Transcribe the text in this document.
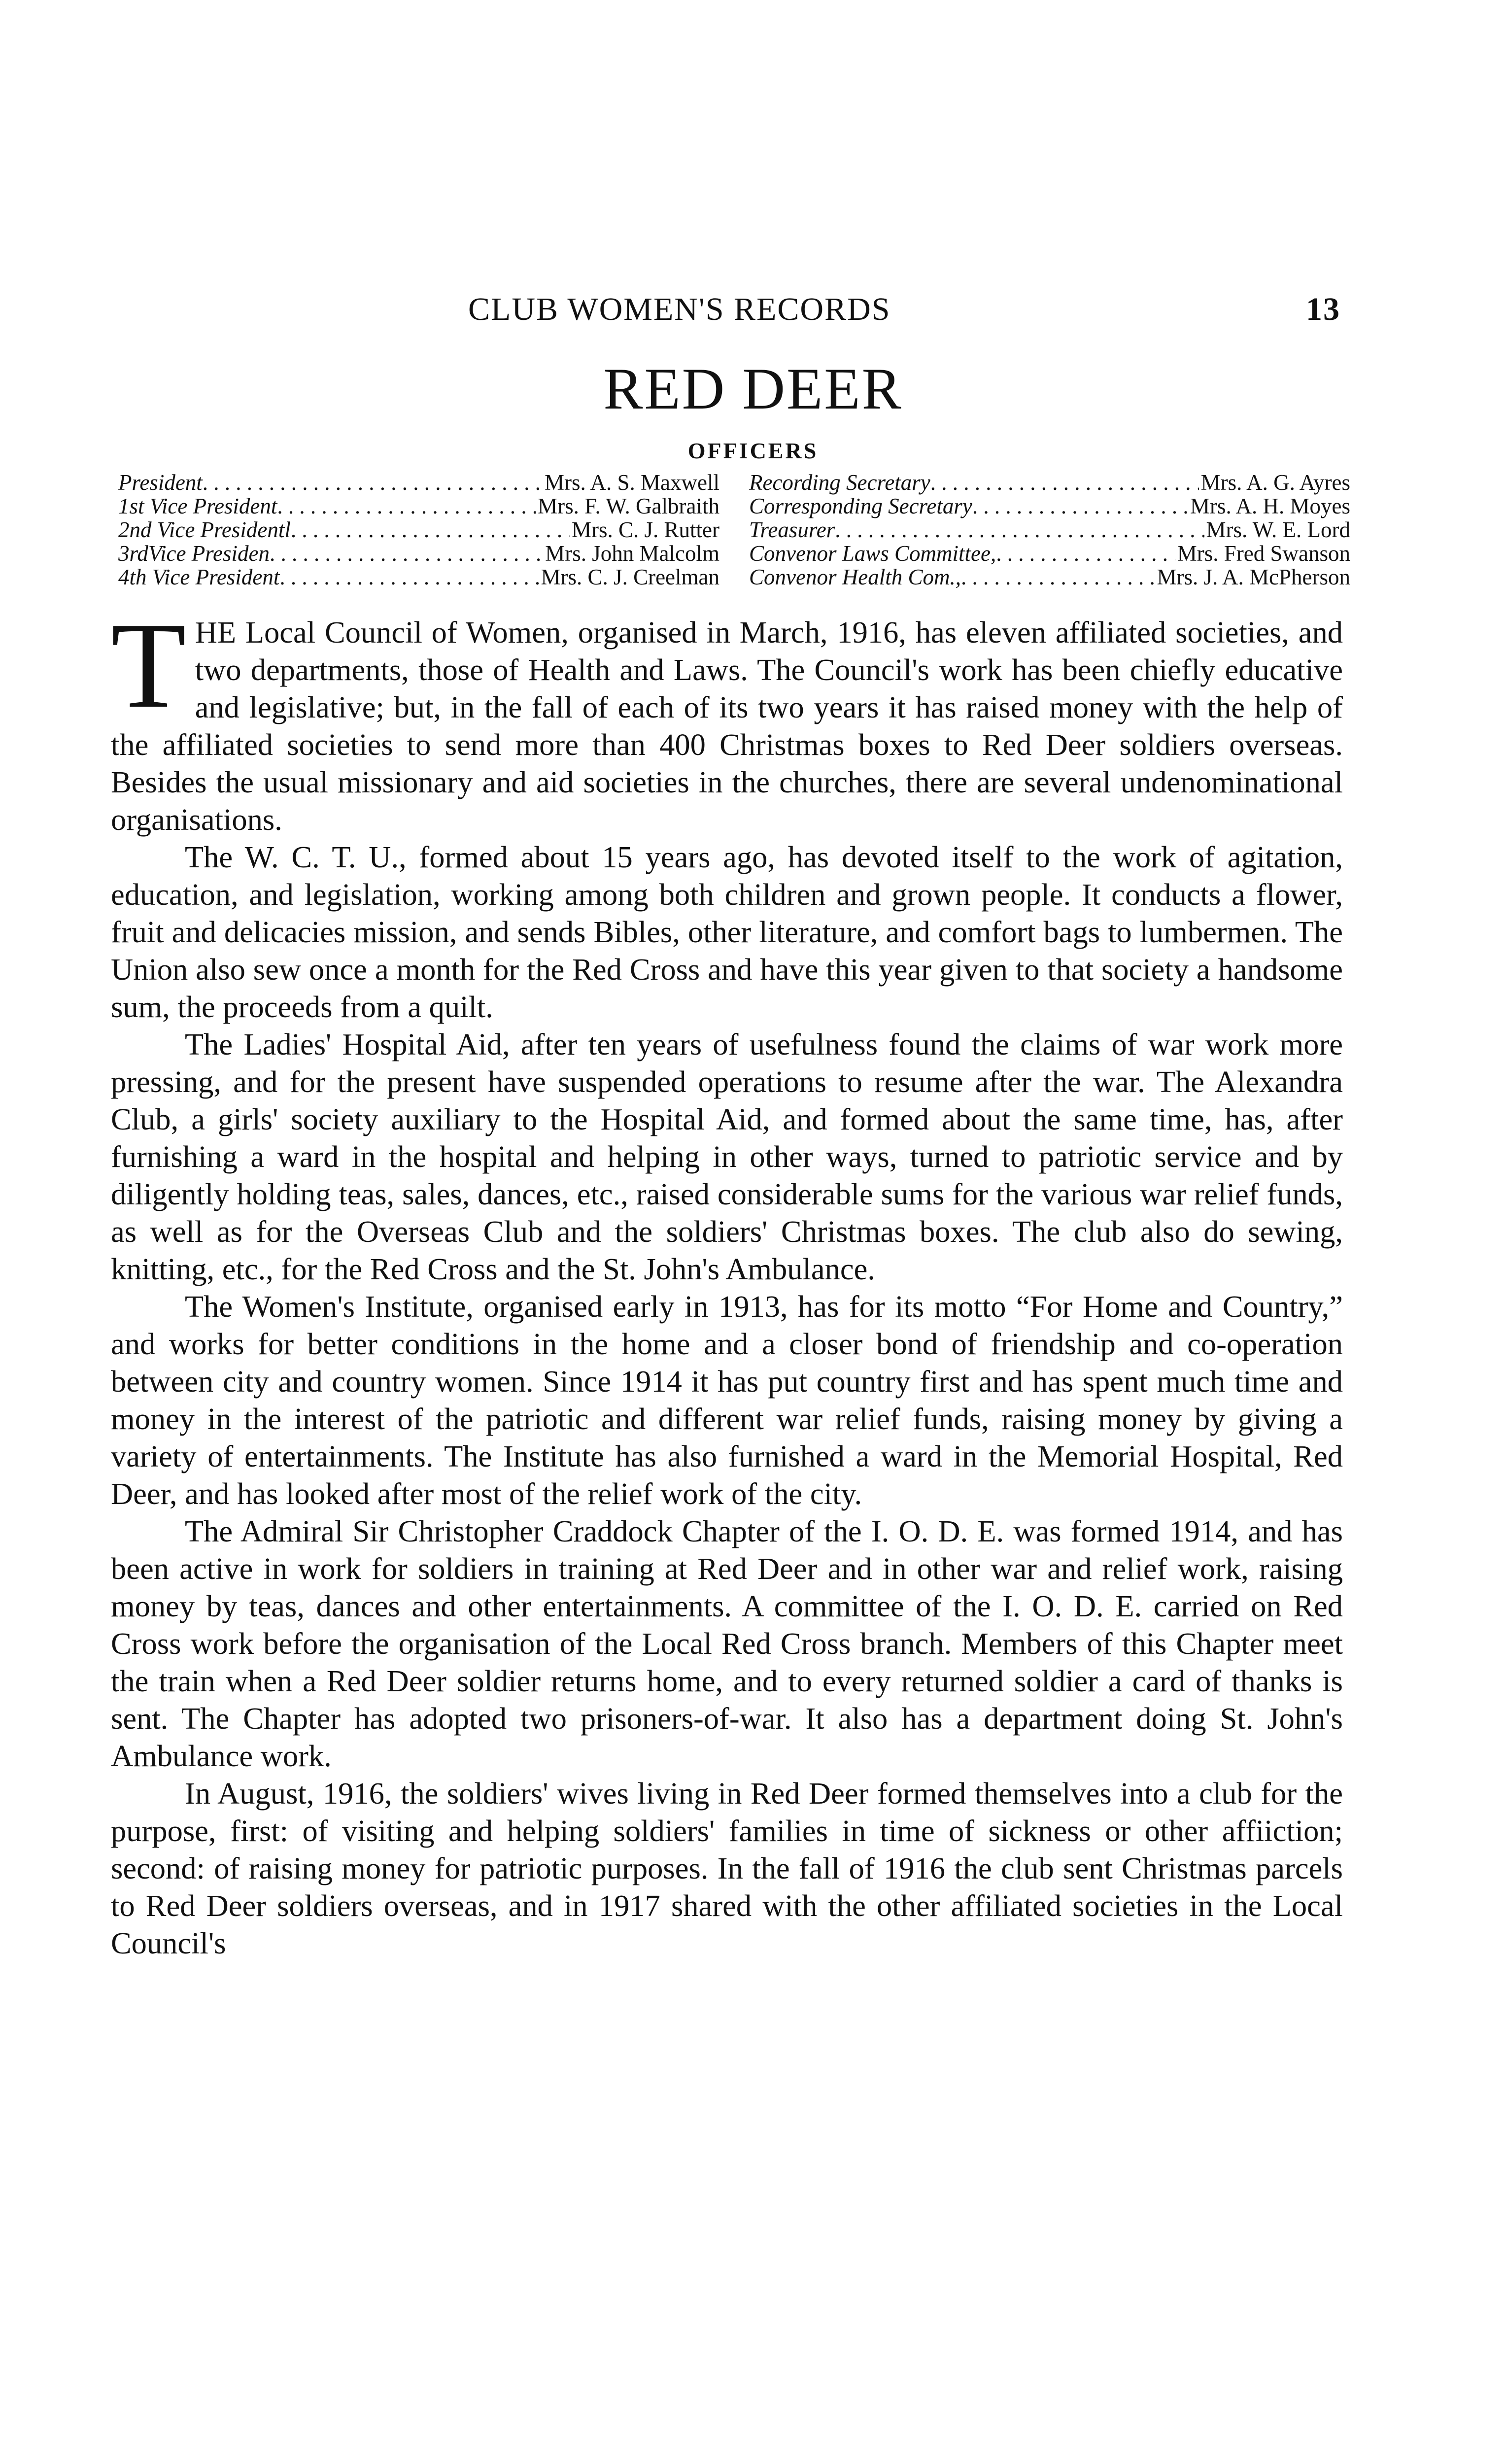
CLUB WOMEN'S RECORDS	13
RED DEER
OFFICERS
President . . .	Mrs. A. S. Maxwell
1st Vice President . . .	Mrs. F. W. Galbraith
2nd Vice Presidentl . . .	Mrs. C. J. Rutter
3rdVice Presiden . . .	Mrs. John Malcolm
4th Vice President . . .	Mrs. C. J. Creelman
Recording Secretary . . .	Mrs. A. G. Ayres
Corresponding Secretary . . .	Mrs. A. H. Moyes
Treasurer . . .	Mrs. W. E. Lord
Convenor Laws Committee, . . .	Mrs. Fred Swanson
Convenor Health Com., . . .	Mrs. J. A. McPherson

THE Local Council of Women, organised in March, 1916, has eleven affiliated societies, and two departments, those of Health and Laws. The Council's work has been chiefly educative and legislative; but, in the fall of each of its two years it has raised money with the help of the affiliated societies to send more than 400 Christmas boxes to Red Deer soldiers overseas. Besides the usual missionary and aid societies in the churches, there are several undenominational organisations.

The W. C. T. U., formed about 15 years ago, has devoted itself to the work of agitation, education, and legislation, working among both children and grown people. It conducts a flower, fruit and delicacies mission, and sends Bibles, other literature, and comfort bags to lumbermen. The Union also sew once a month for the Red Cross and have this year given to that society a handsome sum, the proceeds from a quilt.

The Ladies' Hospital Aid, after ten years of usefulness found the claims of war work more pressing, and for the present have suspended operations to resume after the war. The Alexandra Club, a girls' society auxiliary to the Hospital Aid, and formed about the same time, has, after furnishing a ward in the hospital and helping in other ways, turned to patriotic service and by diligently holding teas, sales, dances, etc., raised considerable sums for the various war relief funds, as well as for the Overseas Club and the soldiers' Christmas boxes. The club also do sewing, knitting, etc., for the Red Cross and the St. John's Ambulance.

The Women's Institute, organised early in 1913, has for its motto “For Home and Country,” and works for better conditions in the home and a closer bond of friendship and co-operation between city and country women. Since 1914 it has put country first and has spent much time and money in the interest of the patriotic and different war relief funds, raising money by giving a variety of entertainments. The Institute has also furnished a ward in the Memorial Hospital, Red Deer, and has looked after most of the relief work of the city.

The Admiral Sir Christopher Craddock Chapter of the I. O. D. E. was formed 1914, and has been active in work for soldiers in training at Red Deer and in other war and relief work, raising money by teas, dances and other entertainments. A committee of the I. O. D. E. carried on Red Cross work before the organisation of the Local Red Cross branch. Members of this Chapter meet the train when a Red Deer soldier returns home, and to every returned soldier a card of thanks is sent. The Chapter has adopted two prisoners-of-war. It also has a department doing St. John's Ambulance work.

In August, 1916, the soldiers' wives living in Red Deer formed themselves into a club for the purpose, first: of visiting and helping soldiers' families in time of sickness or other affiiction; second: of raising money for patriotic purposes. In the fall of 1916 the club sent Christmas parcels to Red Deer soldiers overseas, and in 1917 shared with the other affiliated societies in the Local Council's
